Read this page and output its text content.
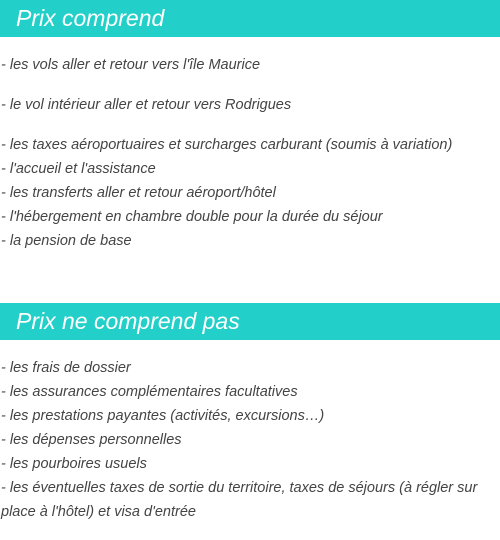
Prix comprend
- les vols aller et retour vers l'île Maurice
- le vol intérieur aller et retour vers Rodrigues
- les taxes aéroportuaires et surcharges carburant (soumis à variation)
- l'accueil et l'assistance
- les transferts aller et retour aéroport/hôtel
- l'hébergement en chambre double pour la durée du séjour
- la pension de base
Prix ne comprend pas
- les frais de dossier
- les assurances complémentaires facultatives
- les prestations payantes (activités, excursions…)
- les dépenses personnelles
- les pourboires usuels
- les éventuelles taxes de sortie du territoire, taxes de séjours (à régler sur place à l'hôtel) et visa d'entrée
